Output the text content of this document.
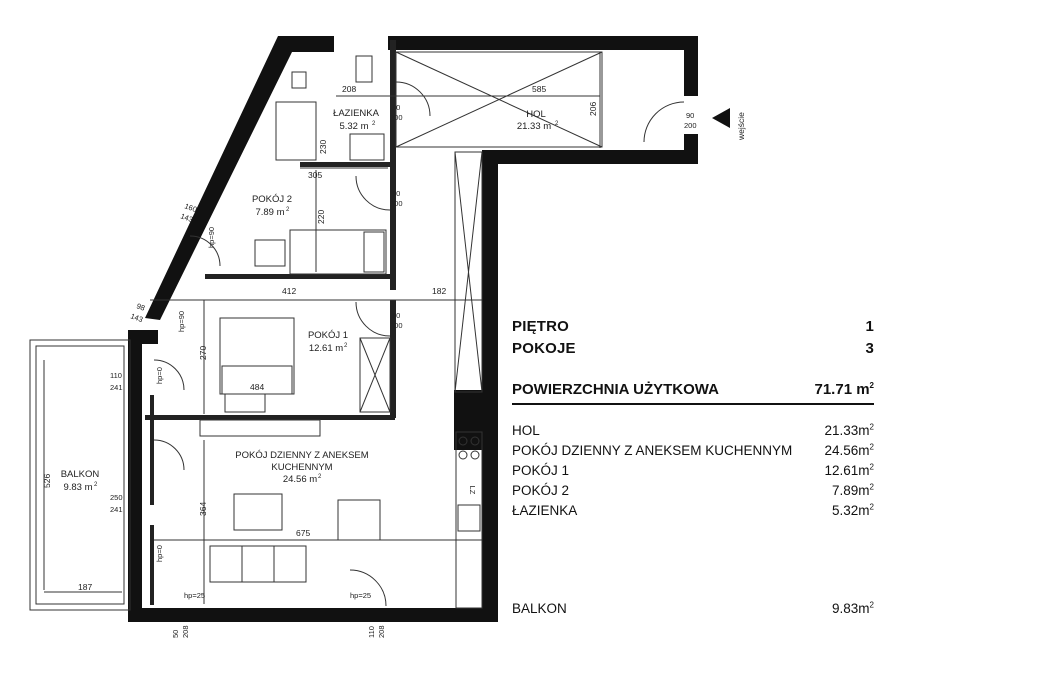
wejście
ŁAZIENKA
5.32 m
HOL
21.33 m
POKÓJ 2
7.89 m
POKÓJ 1
12.61 m
POKÓJ DZIENNY Z ANEKSEM
KUCHENNYM
24.56 m
BALKON
9.83 m	LZ
2	2
2
2
2
2
208	585
206
230
305
220
412	182
270
484
526
364
675
187
80
200
80
200
80
200
90
200
160
143
98
143
110
241
250
241
50 208	110 208
hp=90
hp=90
hp=0
hp=0
hp=25	hp=25
PIĘTRO	1
POKOJE	3
POWIERZCHNIA UŻYTKOWA	71.71 $m^2$
HOL	$21.33m^2$
POKÓJ DZIENNY Z ANEKSEM KUCHENNYM $24.56m^2$
POKÓJ 1	$12.61m^2$
POKÓJ 2	$7.89m^2$
ŁAZIENKA	$5.32m^2$
BALKON	$9.83m^2$
